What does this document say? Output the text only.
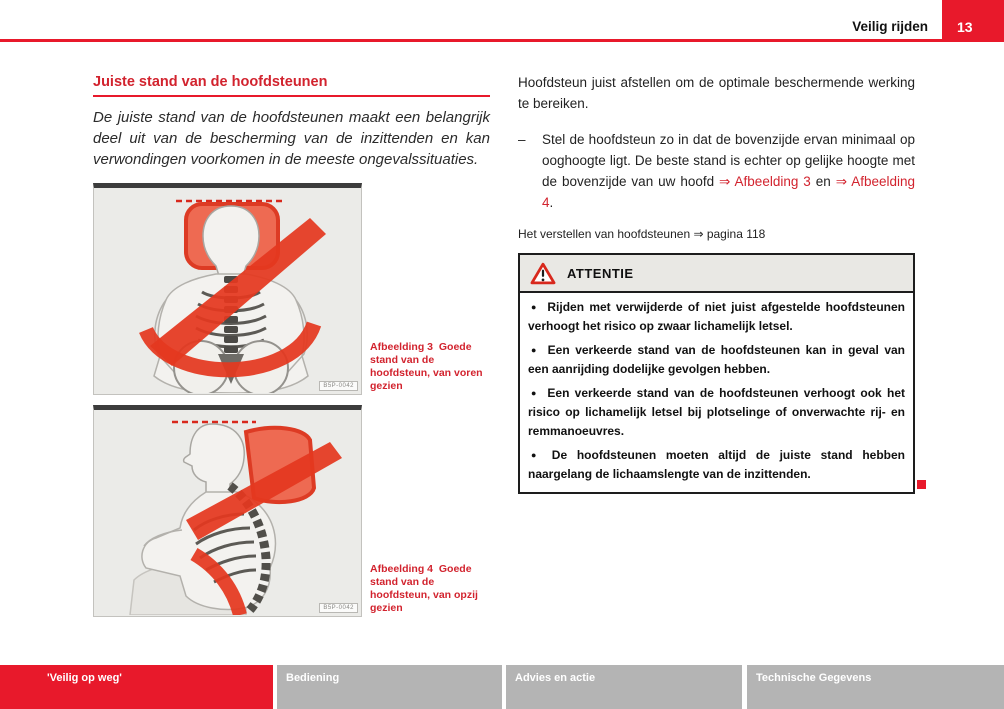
Veilig rijden 13
Juiste stand van de hoofdsteunen
De juiste stand van de hoofdsteunen maakt een belangrijk deel uit van de bescherming van de inzittenden en kan verwondingen voorkomen in de meeste ongevalssituaties.
B5P-0042
Afbeelding 3 Goede stand van de hoofdsteun, van voren gezien
B5P-0042
Afbeelding 4 Goede stand van de hoofdsteun, van opzij gezien

Hoofdsteun juist afstellen om de optimale beschermende werking te bereiken.

–	Stel de hoofdsteun zo in dat de bovenzijde ervan minimaal op ooghoogte ligt. De beste stand is echter op gelijke hoogte met de bovenzijde van uw hoofd ⇒ Afbeelding 3 en ⇒ Afbeelding 4.

Het verstellen van hoofdsteunen ⇒ pagina 118

ATTENTIE

● Rijden met verwijderde of niet juist afgestelde hoofdsteunen verhoogt het risico op zwaar lichamelijk letsel.

● Een verkeerde stand van de hoofdsteunen kan in geval van een aanrijding dodelijke gevolgen hebben.

● Een verkeerde stand van de hoofdsteunen verhoogt ook het risico op lichamelijk letsel bij plotselinge of onverwachte rij- en remmanoeuvres.

● De hoofdsteunen moeten altijd de juiste stand hebben naargelang de lichaamslengte van de inzittenden.

'Veilig op weg'	Bediening	Advies en actie	Technische Gegevens
